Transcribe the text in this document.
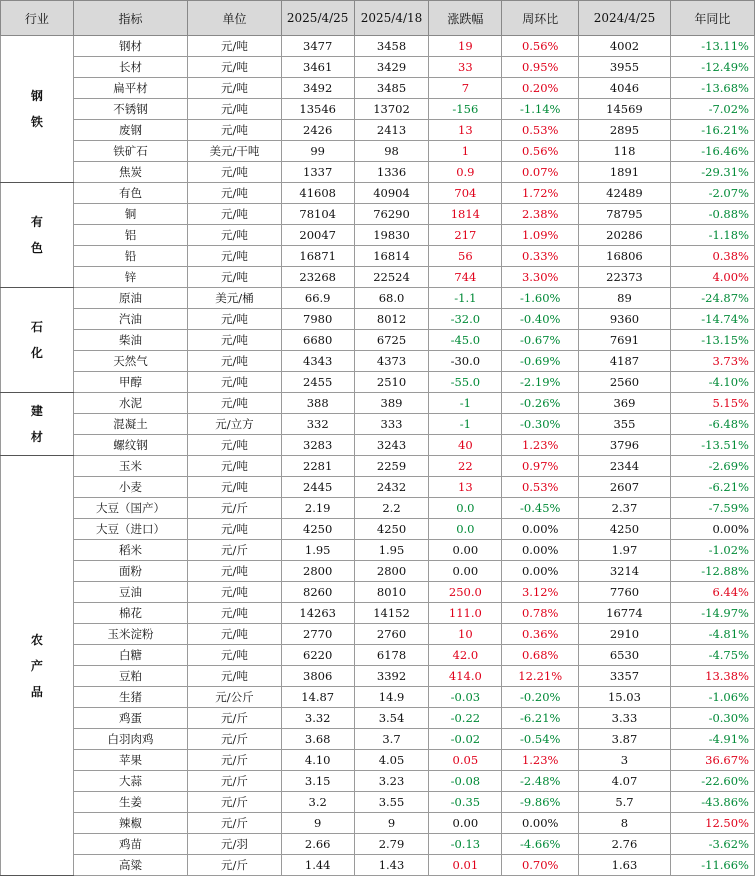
行业	指标	单位	2025/4/25	2025/4/18	涨跌幅	周环比	2024/4/25	年同比
钢铁	钢材	元/吨	3477	3458	19	0.56%	4002	-13.11%
	长材	元/吨	3461	3429	33	0.95%	3955	-12.49%
	扁平材	元/吨	3492	3485	7	0.20%	4046	-13.68%
	不锈钢	元/吨	13546	13702	-156	-1.14%	14569	-7.02%
	废钢	元/吨	2426	2413	13	0.53%	2895	-16.21%
	铁矿石	美元/干吨	99	98	1	0.56%	118	-16.46%
	焦炭	元/吨	1337	1336	0.9	0.07%	1891	-29.31%
有色	有色	元/吨	41608	40904	704	1.72%	42489	-2.07%
	铜	元/吨	78104	76290	1814	2.38%	78795	-0.88%
	铝	元/吨	20047	19830	217	1.09%	20286	-1.18%
	铅	元/吨	16871	16814	56	0.33%	16806	0.38%
	锌	元/吨	23268	22524	744	3.30%	22373	4.00%
石化	原油	美元/桶	66.9	68.0	-1.1	-1.60%	89	-24.87%
	汽油	元/吨	7980	8012	-32.0	-0.40%	9360	-14.74%
	柴油	元/吨	6680	6725	-45.0	-0.67%	7691	-13.15%
	天然气	元/吨	4343	4373	-30.0	-0.69%	4187	3.73%
	甲醇	元/吨	2455	2510	-55.0	-2.19%	2560	-4.10%
建材	水泥	元/吨	388	389	-1	-0.26%	369	5.15%
	混凝土	元/立方	332	333	-1	-0.30%	355	-6.48%
	螺纹钢	元/吨	3283	3243	40	1.23%	3796	-13.51%
农产品	玉米	元/吨	2281	2259	22	0.97%	2344	-2.69%
	小麦	元/吨	2445	2432	13	0.53%	2607	-6.21%
	大豆（国产）	元/斤	2.19	2.2	0.0	-0.45%	2.37	-7.59%
	大豆（进口）	元/吨	4250	4250	0.0	0.00%	4250	0.00%
	稻米	元/斤	1.95	1.95	0.00	0.00%	1.97	-1.02%
	面粉	元/吨	2800	2800	0.00	0.00%	3214	-12.88%
	豆油	元/吨	8260	8010	250.0	3.12%	7760	6.44%
	棉花	元/吨	14263	14152	111.0	0.78%	16774	-14.97%
	玉米淀粉	元/吨	2770	2760	10	0.36%	2910	-4.81%
	白糖	元/吨	6220	6178	42.0	0.68%	6530	-4.75%
	豆粕	元/吨	3806	3392	414.0	12.21%	3357	13.38%
	生猪	元/公斤	14.87	14.9	-0.03	-0.20%	15.03	-1.06%
	鸡蛋	元/斤	3.32	3.54	-0.22	-6.21%	3.33	-0.30%
	白羽肉鸡	元/斤	3.68	3.7	-0.02	-0.54%	3.87	-4.91%
	苹果	元/斤	4.10	4.05	0.05	1.23%	3	36.67%
	大蒜	元/斤	3.15	3.23	-0.08	-2.48%	4.07	-22.60%
	生姜	元/斤	3.2	3.55	-0.35	-9.86%	5.7	-43.86%
	辣椒	元/斤	9	9	0.00	0.00%	8	12.50%
	鸡苗	元/羽	2.66	2.79	-0.13	-4.66%	2.76	-3.62%
	高粱	元/斤	1.44	1.43	0.01	0.70%	1.63	-11.66%
